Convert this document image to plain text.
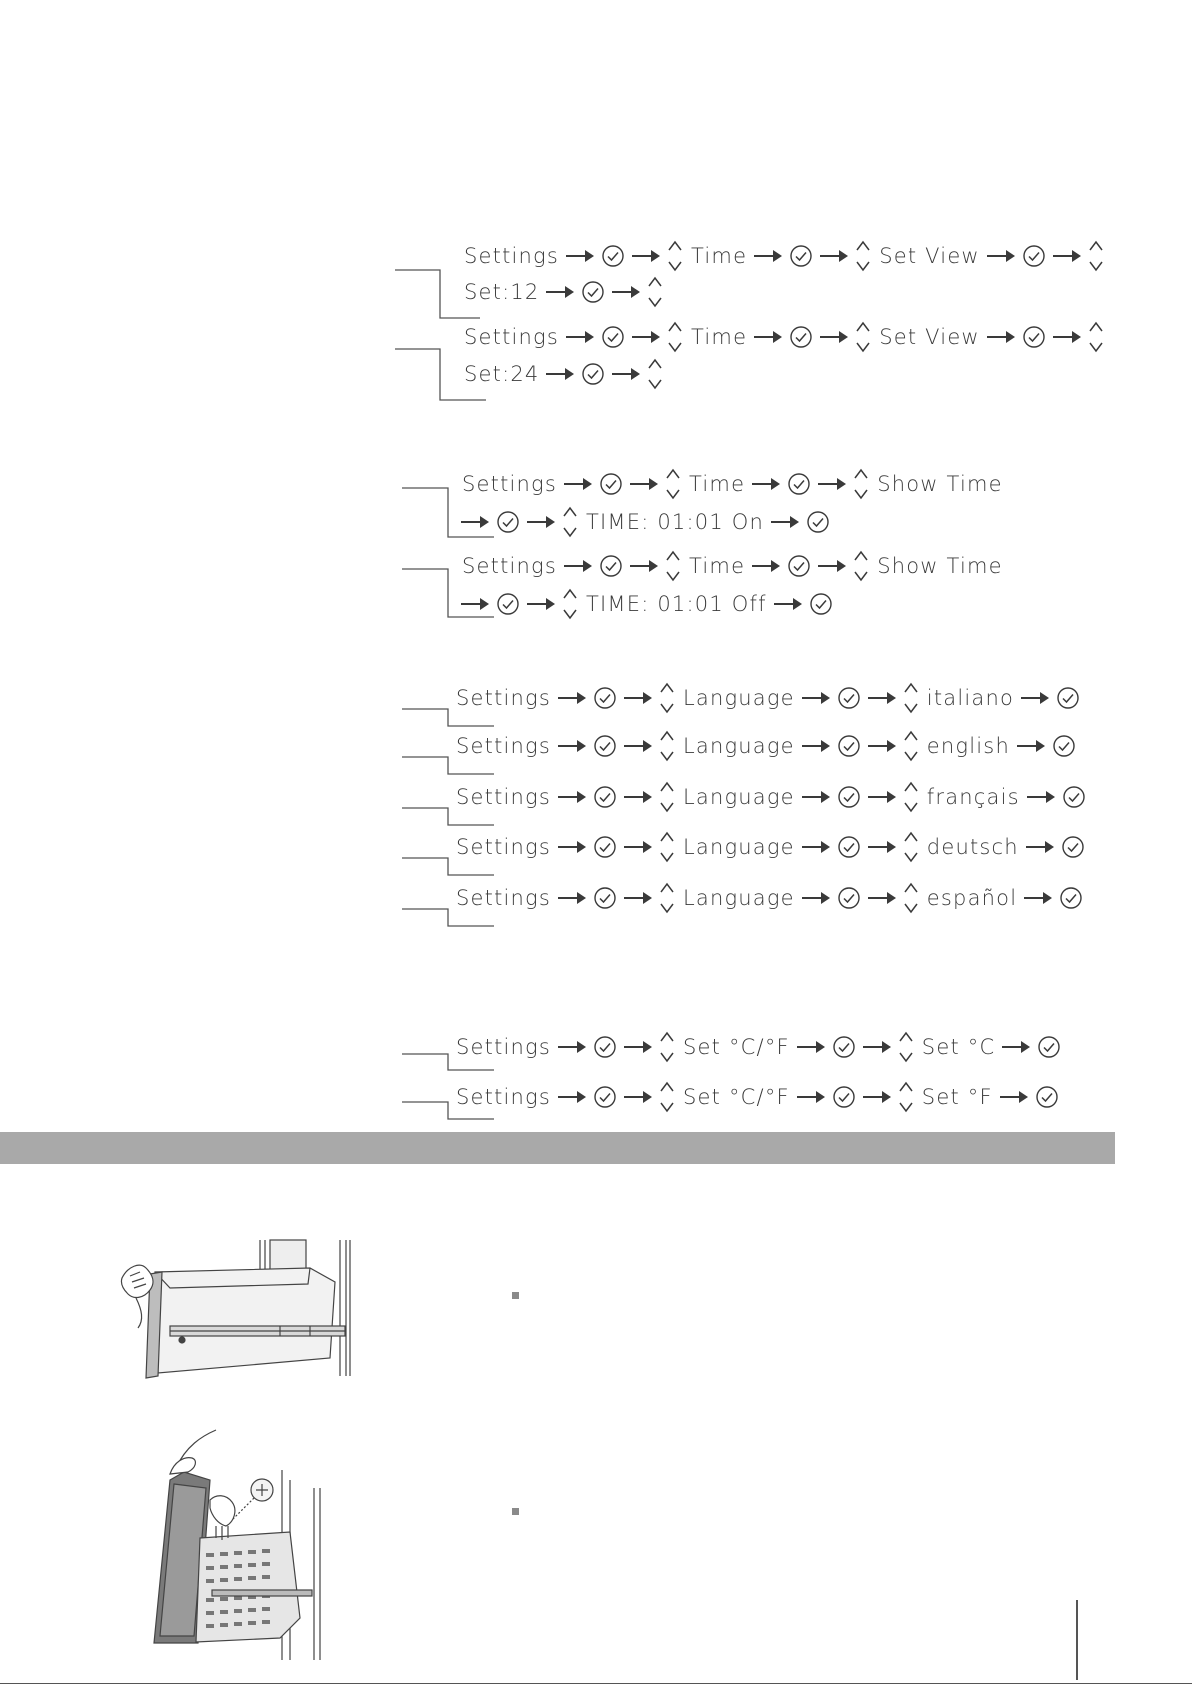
Settings	Time	Set View
Set:12
Settings	Time	Set View
Set:24
Settings	Time	Show Time
TIME: 01:01 On
Settings	Time	Show Time
TIME: 01:01 Off
Settings	Language	italiano
Settings	Language	english
Settings	Language	français
Settings	Language	deutsch
Settings	Language	español
Settings	Set °C/°F	Set °C
Settings	Set °C/°F	Set °F
